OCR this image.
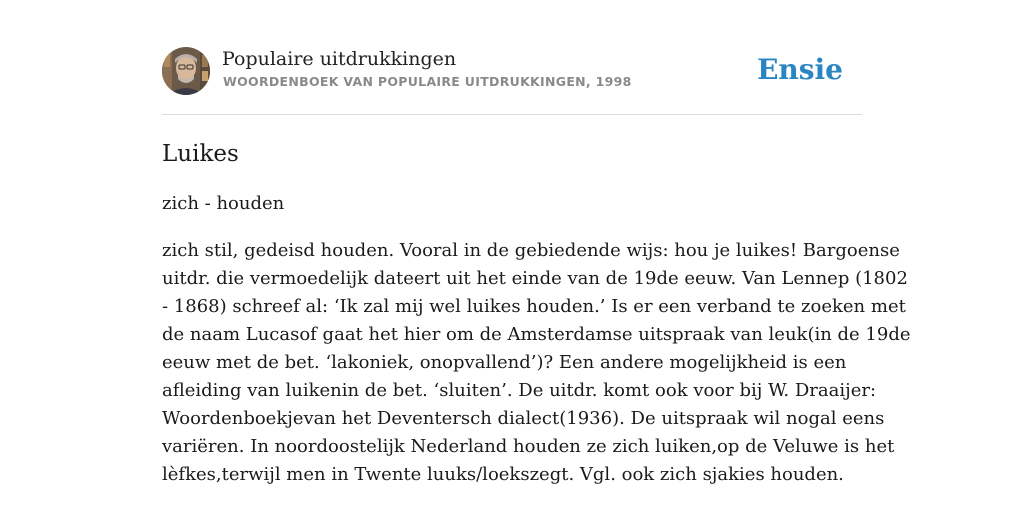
Populaire uitdrukkingen
WOORDENBOEK VAN POPULAIRE UITDRUKKINGEN, 1998	Ensie
Luikes
zich - houden
zich stil, gedeisd houden. Vooral in de gebiedende wijs: hou je luikes! Bargoense
uitdr. die vermoedelijk dateert uit het einde van de 19de eeuw. Van Lennep (1802
- 1868) schreef al: ‘Ik zal mij wel luikes houden.’ Is er een verband te zoeken met
de naam Lucasof gaat het hier om de Amsterdamse uitspraak van leuk(in de 19de
eeuw met de bet. ‘lakoniek, onopvallend’)? Een andere mogelijkheid is een
afleiding van luikenin de bet. ‘sluiten’. De uitdr. komt ook voor bij W. Draaijer:
Woordenboekjevan het Deventersch dialect(1936). De uitspraak wil nogal eens
variëren. In noordoostelijk Nederland houden ze zich luiken,op de Veluwe is het
lèfkes,terwijl men in Twente luuks/loekszegt. Vgl. ook zich sjakies houden.
